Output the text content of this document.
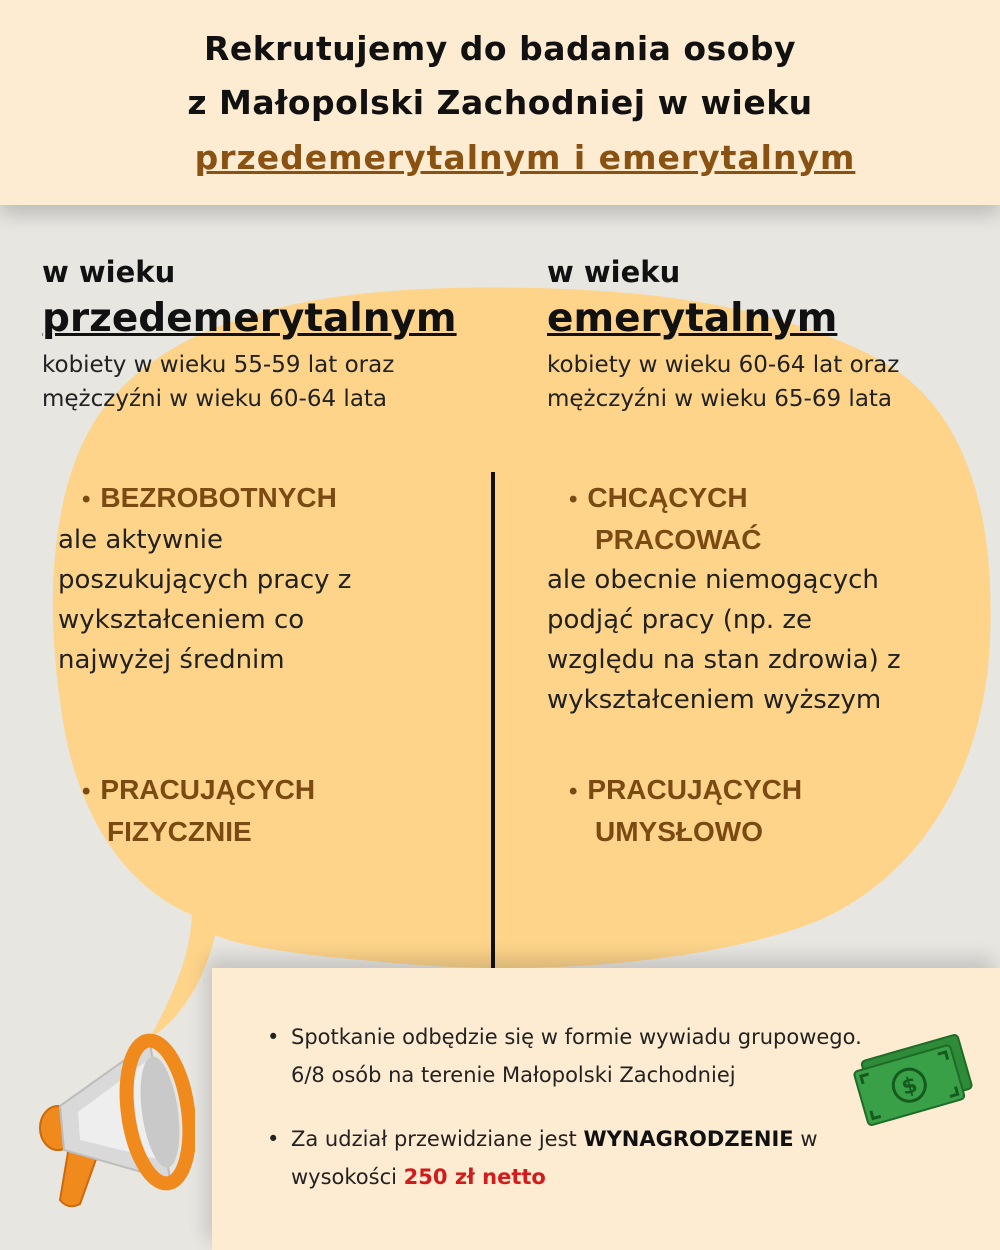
Rekrutujemy do badania osoby
z Małopolski Zachodniej w wieku
przedemerytalnym i emerytalnym
w wieku
przedemerytalnym
kobiety w wieku 55-59 lat oraz
mężczyźni w wieku 60-64 lata
• BEZROBOTNYCH
ale aktywnie
poszukujących pracy z
wykształceniem co
najwyżej średnim
• PRACUJĄCYCH
FIZYCZNIE
w wieku
emerytalnym
kobiety w wieku 60-64 lat oraz
mężczyźni w wieku 65-69 lata
• CHCĄCYCH
PRACOWAĆ
ale obecnie niemogących
podjąć pracy (np. ze
względu na stan zdrowia) z
wykształceniem wyższym
• PRACUJĄCYCH
UMYSŁOWO
• Spotkanie odbędzie się w formie wywiadu grupowego.
6/8 osób na terenie Małopolski Zachodniej
• Za udział przewidziane jest WYNAGRODZENIE w
wysokości 250 zł netto
$
